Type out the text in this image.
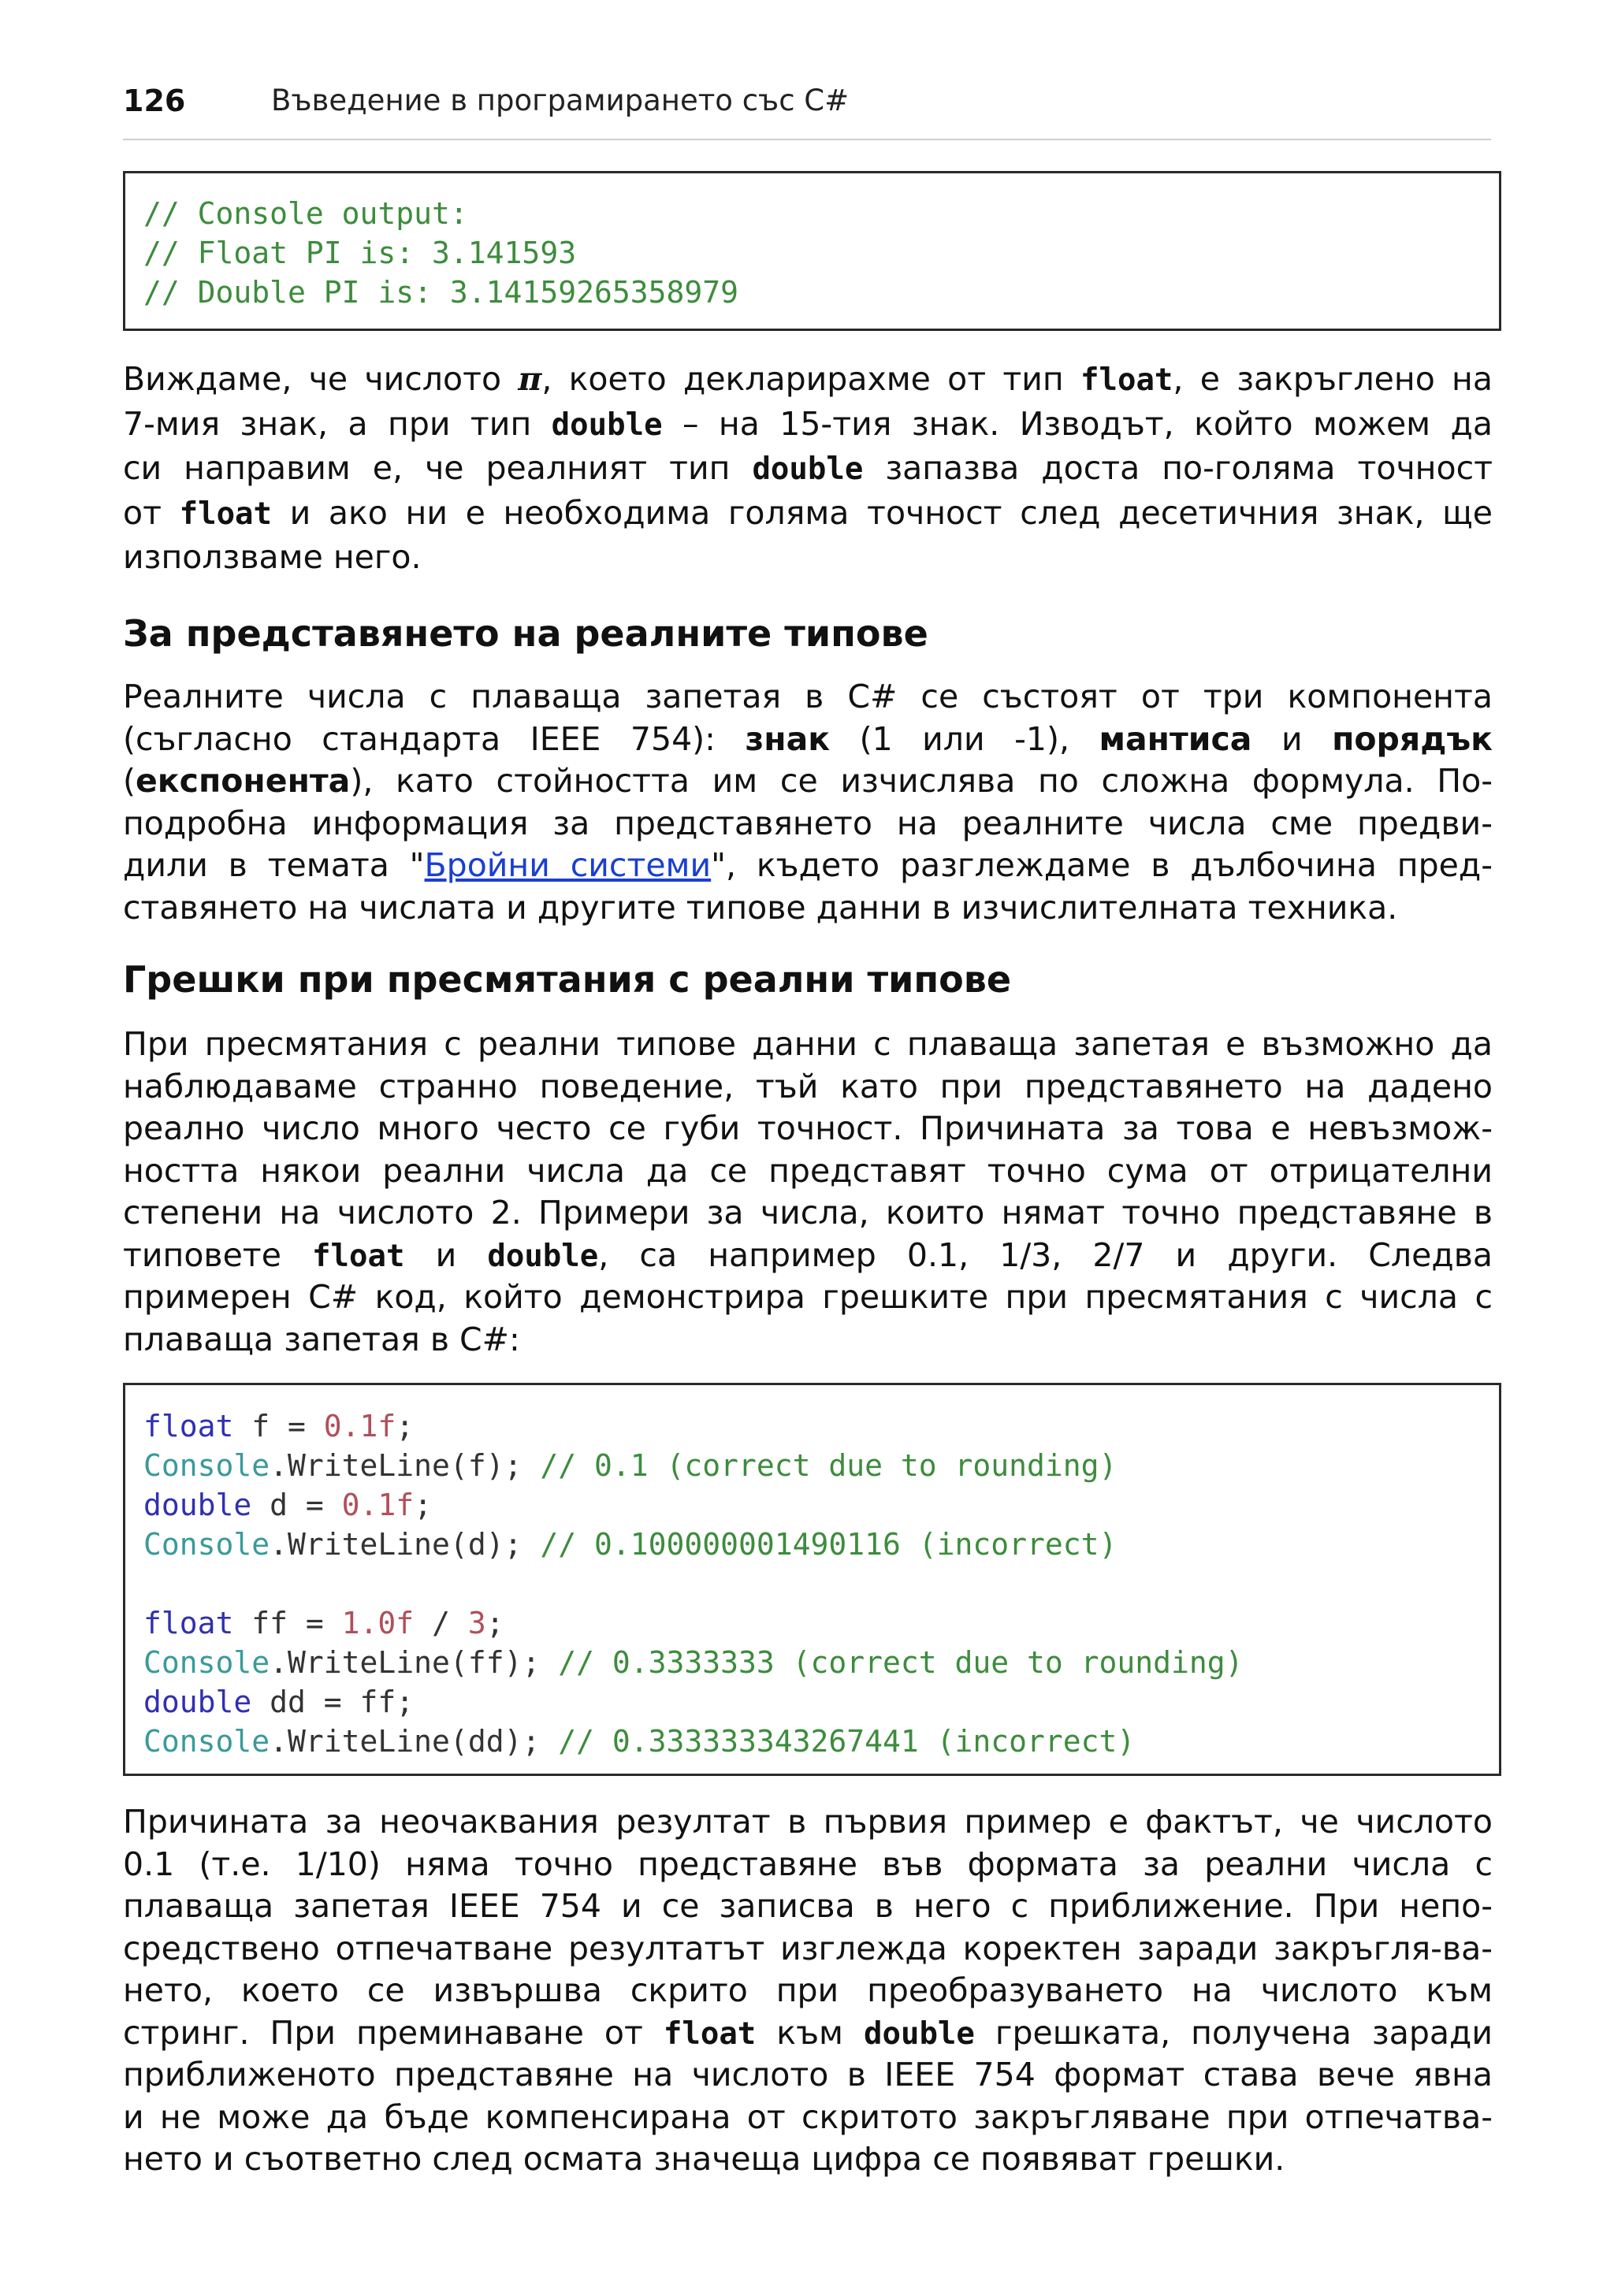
126	Въведение в програмирането със C#
// Console output:
// Float PI is: 3.141593
// Double PI is: 3.14159265358979
Виждаме, че числото π, което декларирахме от тип float, е закръглено на
7-мия знак, а при тип double – на 15-тия знак. Изводът, който можем да
си направим е, че реалният тип double запазва доста по-голяма точност
от float и ако ни е необходима голяма точност след десетичния знак, ще
използваме него.
За представянето на реалните типове
Реалните числа с плаваща запетая в C# се състоят от три компонента
(съгласно стандарта IEEE 754): знак (1 или -1), мантиса и порядък
(експонента), като стойността им се изчислява по сложна формула. По-
подробна информация за представянето на реалните числа сме предви-
дили в темата "Бройни системи", където разглеждаме в дълбочина пред-
ставянето на числата и другите типове данни в изчислителната техника.
Грешки при пресмятания с реални типове
При пресмятания с реални типове данни с плаваща запетая е възможно да
наблюдаваме странно поведение, тъй като при представянето на дадено
реално число много често се губи точност. Причината за това е невъзмож-
ността някои реални числа да се представят точно сума от отрицателни
степени на числото 2. Примери за числа, които нямат точно представяне в
типовете float и double, са например 0.1, 1/3, 2/7 и други. Следва
примерен C# код, който демонстрира грешките при пресмятания с числа с
плаваща запетая в C#:
float f = 0.1f;
Console.WriteLine(f); // 0.1 (correct due to rounding)
double d = 0.1f;
Console.WriteLine(d); // 0.100000001490116 (incorrect)
float ff = 1.0f / 3;
Console.WriteLine(ff); // 0.3333333 (correct due to rounding)
double dd = ff;
Console.WriteLine(dd); // 0.333333343267441 (incorrect)
Причината за неочаквания резултат в първия пример е фактът, че числото
0.1 (т.е. 1/10) няма точно представяне във формата за реални числа с
плаваща запетая IEEE 754 и се записва в него с приближение. При непо-
средствено отпечатване резултатът изглежда коректен заради закръгля-ва-
нето, което се извършва скрито при преобразуването на числото към
стринг. При преминаване от float към double грешката, получена заради
приближеното представяне на числото в IEEE 754 формат става вече явна
и не може да бъде компенсирана от скритото закръгляване при отпечатва-
нето и съответно след осмата значеща цифра се появяват грешки.
